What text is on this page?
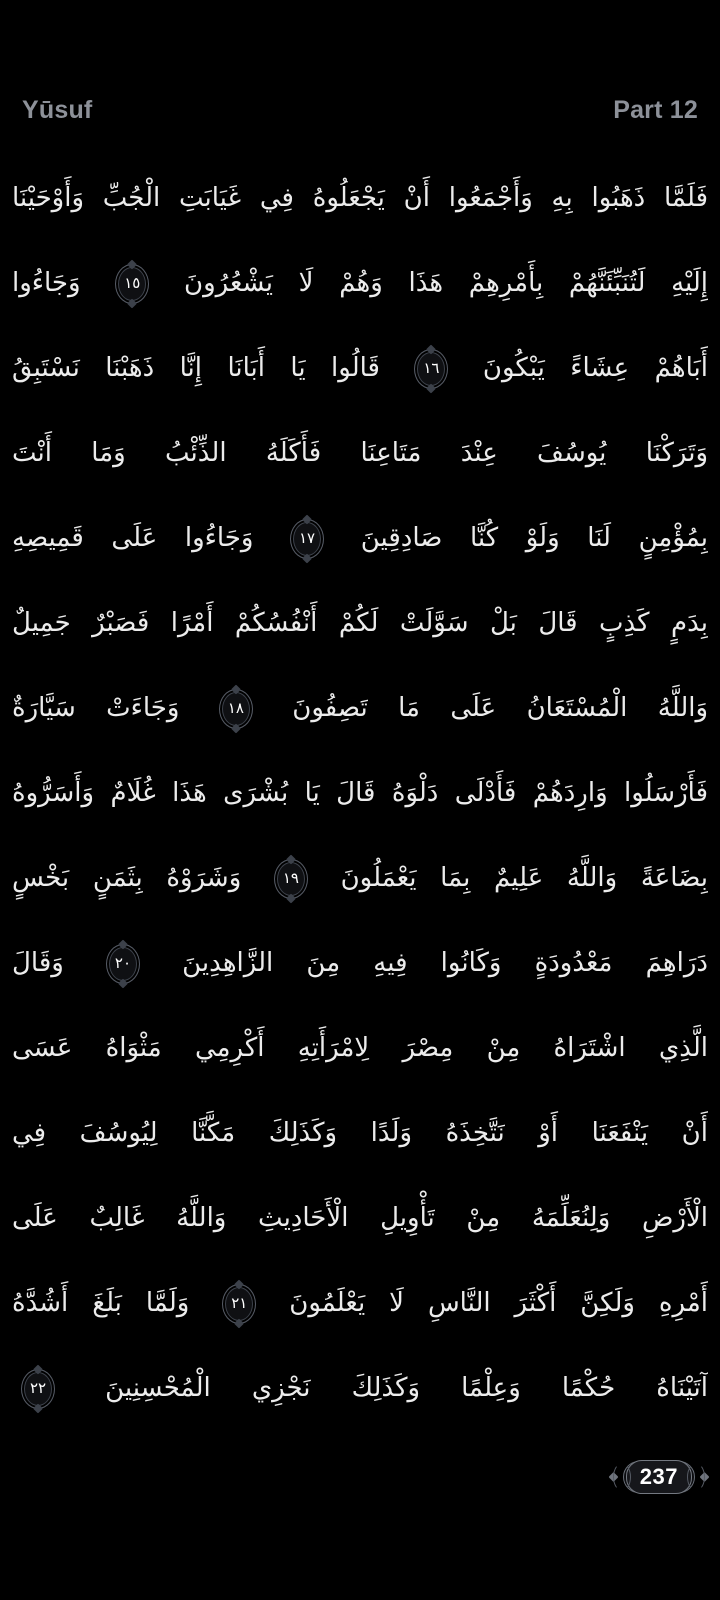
Yūsuf	Part 12
فَلَمَّا ذَهَبُوا بِهِ وَأَجْمَعُوا أَنْ يَجْعَلُوهُ فِي غَيَابَتِ الْجُبِّ وَأَوْحَيْنَا
إِلَيْهِ لَتُنَبِّئَنَّهُمْ بِأَمْرِهِمْ هَذَا وَهُمْ لَا يَشْعُرُونَ ١٥ وَجَاءُوا
أَبَاهُمْ عِشَاءً يَبْكُونَ ١٦ قَالُوا يَا أَبَانَا إِنَّا ذَهَبْنَا نَسْتَبِقُ
وَتَرَكْنَا يُوسُفَ عِنْدَ مَتَاعِنَا فَأَكَلَهُ الذِّئْبُ وَمَا أَنْتَ
بِمُؤْمِنٍ لَنَا وَلَوْ كُنَّا صَادِقِينَ ١٧ وَجَاءُوا عَلَى قَمِيصِهِ
بِدَمٍ كَذِبٍ قَالَ بَلْ سَوَّلَتْ لَكُمْ أَنْفُسُكُمْ أَمْرًا فَصَبْرٌ جَمِيلٌ
وَاللَّهُ الْمُسْتَعَانُ عَلَى مَا تَصِفُونَ ١٨ وَجَاءَتْ سَيَّارَةٌ
فَأَرْسَلُوا وَارِدَهُمْ فَأَدْلَى دَلْوَهُ قَالَ يَا بُشْرَى هَذَا غُلَامٌ وَأَسَرُّوهُ
بِضَاعَةً وَاللَّهُ عَلِيمٌ بِمَا يَعْمَلُونَ ١٩ وَشَرَوْهُ بِثَمَنٍ بَخْسٍ
دَرَاهِمَ مَعْدُودَةٍ وَكَانُوا فِيهِ مِنَ الزَّاهِدِينَ ٢٠ وَقَالَ
الَّذِي اشْتَرَاهُ مِنْ مِصْرَ لِامْرَأَتِهِ أَكْرِمِي مَثْوَاهُ عَسَى
أَنْ يَنْفَعَنَا أَوْ نَتَّخِذَهُ وَلَدًا وَكَذَلِكَ مَكَّنَّا لِيُوسُفَ فِي
الْأَرْضِ وَلِنُعَلِّمَهُ مِنْ تَأْوِيلِ الْأَحَادِيثِ وَاللَّهُ غَالِبٌ عَلَى
أَمْرِهِ وَلَكِنَّ أَكْثَرَ النَّاسِ لَا يَعْلَمُونَ ٢١ وَلَمَّا بَلَغَ أَشُدَّهُ
آتَيْنَاهُ حُكْمًا وَعِلْمًا وَكَذَلِكَ نَجْزِي الْمُحْسِنِينَ ٢٢
237
